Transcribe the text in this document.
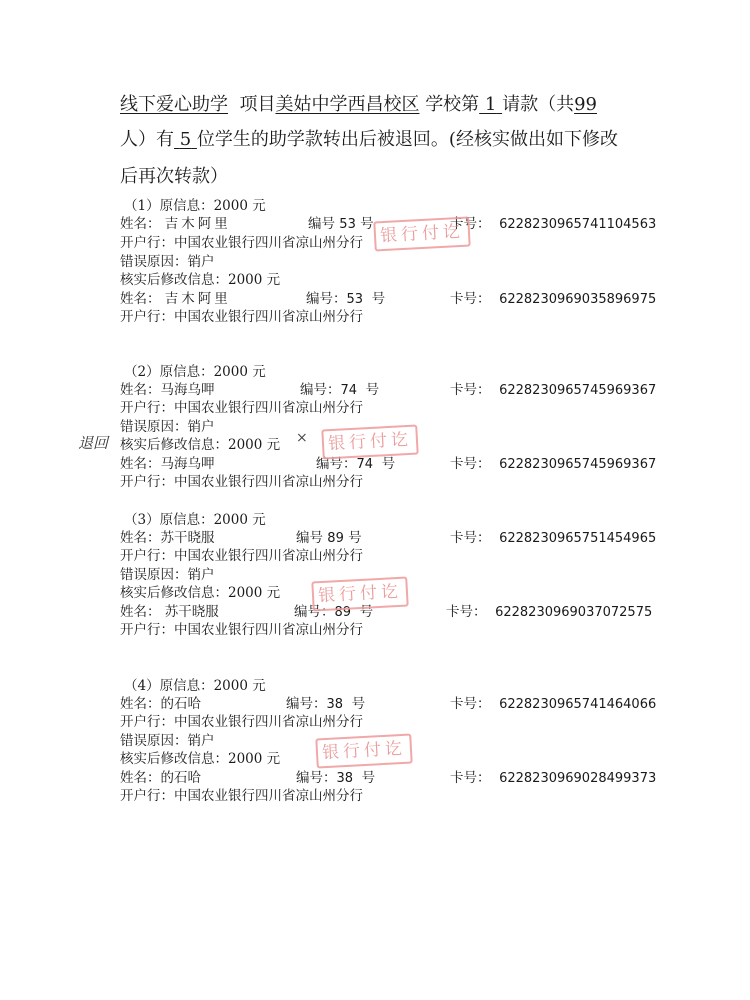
线下爱心助学 项目美姑中学西昌校区 学校第 1 请款（共99
人）有 5 位学生的助学款转出后被退回。(经核实做出如下修改
后再次转款）
（1）原信息：2000 元
姓名： 吉木阿里	编号 53 号	卡号： 6228230965741104563
开户行：中国农业银行四川省凉山州分行
错误原因：销户
核实后修改信息：2000 元
姓名： 吉木阿里	编号：53 号	卡号： 6228230969035896975
开户行：中国农业银行四川省凉山州分行
银行付讫
（2）原信息：2000 元
姓名：马海乌呷	编号：74 号	卡号： 6228230965745969367
开户行：中国农业银行四川省凉山州分行
错误原因：销户
退回 核实后修改信息：2000 元 ×
姓名：马海乌呷	编号：74 号	卡号： 6228230965745969367
开户行：中国农业银行四川省凉山州分行
银行付讫
（3）原信息：2000 元
姓名：苏干晓服	编号 89 号	卡号： 6228230965751454965
开户行：中国农业银行四川省凉山州分行
错误原因：销户
核实后修改信息：2000 元
姓名： 苏干晓服	编号：89 号	卡号： 6228230969037072575
开户行：中国农业银行四川省凉山州分行
银行付讫
（4）原信息：2000 元
姓名：的石哈	编号：38 号	卡号： 6228230965741464066
开户行：中国农业银行四川省凉山州分行
错误原因：销户
核实后修改信息：2000 元
姓名：的石哈	编号：38 号	卡号： 6228230969028499373
开户行：中国农业银行四川省凉山州分行
银行付讫
